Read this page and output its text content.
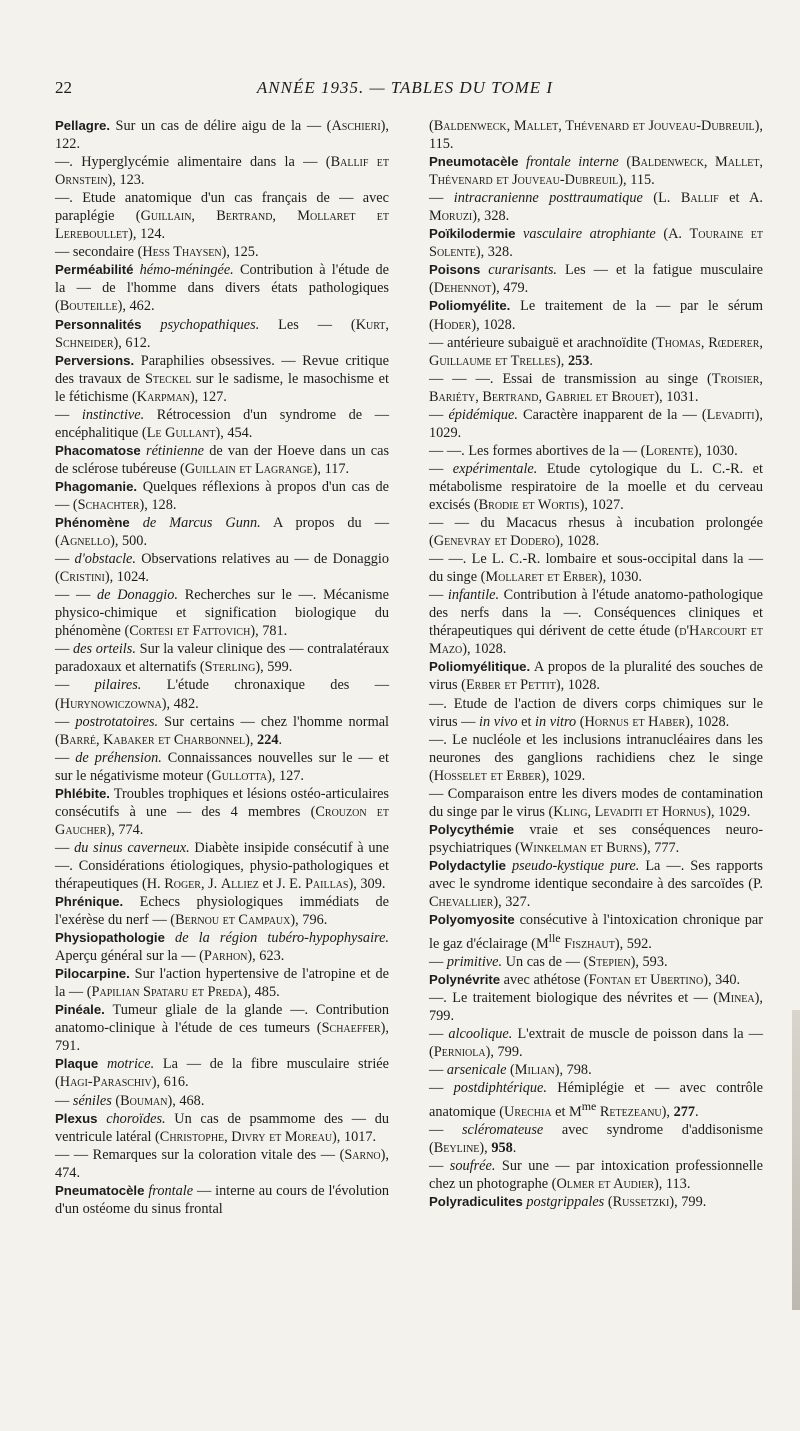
22	ANNÉE 1935. — TABLES DU TOME I

Pellagre. Sur un cas de délire aigu de la — (Aschieri), 122.

—. Hyperglycémie alimentaire dans la — (Ballif et Ornstein), 123.

—. Etude anatomique d'un cas français de — avec paraplégie (Guillain, Bertrand, Mollaret et Lereboullet), 124.

— secondaire (Hess Thaysen), 125.

Perméabilité hémo-méningée. Contribution à l'étude de la — de l'homme dans divers états pathologiques (Bouteille), 462.

Personnalités psychopathiques. Les — (Kurt, Schneider), 612.

Perversions. Paraphilies obsessives. — Revue critique des travaux de Steckel sur le sadisme, le masochisme et le fétichisme (Karpman), 127.

— instinctive. Rétrocession d'un syndrome de — encéphalitique (Le Gullant), 454.

Phacomatose rétinienne de van der Hoeve dans un cas de sclérose tubéreuse (Guillain et Lagrange), 117.

Phagomanie. Quelques réflexions à propos d'un cas de — (Schachter), 128.

Phénomène de Marcus Gunn. A propos du — (Agnello), 500.

— d'obstacle. Observations relatives au — de Donaggio (Cristini), 1024.

— — de Donaggio. Recherches sur le —. Mécanisme physico-chimique et signification biologique du phénomène (Cortesi et Fattovich), 781.

— des orteils. Sur la valeur clinique des — contralatéraux paradoxaux et alternatifs (Sterling), 599.

— pilaires. L'étude chronaxique des — (Hurynowiczowna), 482.

— postrotatoires. Sur certains — chez l'homme normal (Barré, Kabaker et Charbonnel), 224.

— de préhension. Connaissances nouvelles sur le — et sur le négativisme moteur (Gullotta), 127.

Phlébite. Troubles trophiques et lésions ostéo-articulaires consécutifs à une — des 4 membres (Crouzon et Gaucher), 774.

— du sinus caverneux. Diabète insipide consécutif à une —. Considérations étiologiques, physio-pathologiques et thérapeutiques (H. Roger, J. Alliez et J. E. Paillas), 309.

Phrénique. Echecs physiologiques immédiats de l'exérèse du nerf — (Bernou et Campaux), 796.

Physiopathologie de la région tubéro-hypophysaire. Aperçu général sur la — (Parhon), 623.

Pilocarpine. Sur l'action hypertensive de l'atropine et de la — (Papilian Spataru et Preda), 485.

Pinéale. Tumeur gliale de la glande —. Contribution anatomo-clinique à l'étude de ces tumeurs (Schaeffer), 791.

Plaque motrice. La — de la fibre musculaire striée (Hagi-Paraschiv), 616.

— séniles (Bouman), 468.

Plexus choroïdes. Un cas de psammome des — du ventricule latéral (Christophe, Divry et Moreau), 1017.

— — Remarques sur la coloration vitale des — (Sarno), 474.

Pneumatocèle frontale — interne au cours de l'évolution d'un ostéome du sinus frontal

(Baldenweck, Mallet, Thévenard et Jouveau-Dubreuil), 115.

Pneumotacèle frontale interne (Baldenweck, Mallet, Thévenard et Jouveau-Dubreuil), 115.

— intracranienne posttraumatique (L. Ballif et A. Moruzi), 328.

Poïkilodermie vasculaire atrophiante (A. Touraine et Solente), 328.

Poisons curarisants. Les — et la fatigue musculaire (Dehennot), 479.

Poliomyélite. Le traitement de la — par le sérum (Hoder), 1028.

— antérieure subaiguë et arachnoïdite (Thomas, Rœderer, Guillaume et Trelles), 253.

— — —. Essai de transmission au singe (Troisier, Bariéty, Bertrand, Gabriel et Brouet), 1031.

— épidémique. Caractère inapparent de la — (Levaditi), 1029.

— —. Les formes abortives de la — (Lorente), 1030.

— expérimentale. Etude cytologique du L. C.-R. et métabolisme respiratoire de la moelle et du cerveau excisés (Brodie et Wortis), 1027.

— — du Macacus rhesus à incubation prolongée (Genevray et Dodero), 1028.

— —. Le L. C.-R. lombaire et sous-occipital dans la — du singe (Mollaret et Erber), 1030.

— infantile. Contribution à l'étude anatomo-pathologique des nerfs dans la —. Conséquences cliniques et thérapeutiques qui dérivent de cette étude (d'Harcourt et Mazo), 1028.

Poliomyélitique. A propos de la pluralité des souches de virus (Erber et Pettit), 1028.

—. Etude de l'action de divers corps chimiques sur le virus — in vivo et in vitro (Hornus et Haber), 1028.

—. Le nucléole et les inclusions intranucléaires dans les neurones des ganglions rachidiens chez le singe (Hosselet et Erber), 1029.

— Comparaison entre les divers modes de contamination du singe par le virus (Kling, Levaditi et Hornus), 1029.

Polycythémie vraie et ses conséquences neuro-psychiatriques (Winkelman et Burns), 777.

Polydactylie pseudo-kystique pure. La —. Ses rapports avec le syndrome identique secondaire à des sarcoïdes (P. Chevallier), 327.

Polyomyosite consécutive à l'intoxication chronique par le gaz d'éclairage ($M^{lle}$ Fiszhaut), 592.

— primitive. Un cas de — (Stepien), 593.

Polynévrite avec athétose (Fontan et Ubertino), 340.

—. Le traitement biologique des névrites et — (Minea), 799.

— alcoolique. L'extrait de muscle de poisson dans la — (Perniola), 799.

— arsenicale (Milian), 798.

— postdiphtérique. Hémiplégie et — avec contrôle anatomique (Urechia et $M^{me}$ Retezeanu), 277.

— scléromateuse avec syndrome d'addisonisme (Beyline), 958.

— soufrée. Sur une — par intoxication professionnelle chez un photographe (Olmer et Audier), 113.

Polyradiculites postgrippales (Russetzki), 799.
